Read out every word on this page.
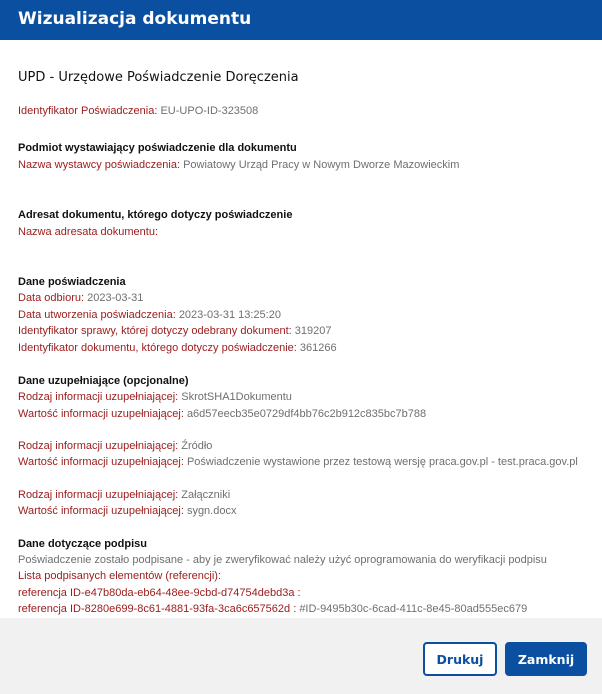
Wizualizacja dokumentu
UPD - Urzędowe Poświadczenie Doręczenia
Identyfikator Poświadczenia: EU-UPO-ID-323508
Podmiot wystawiający poświadczenie dla dokumentu
Nazwa wystawcy poświadczenia: Powiatowy Urząd Pracy w Nowym Dworze Mazowieckim
Adresat dokumentu, którego dotyczy poświadczenie
Nazwa adresata dokumentu:
Dane poświadczenia
Data odbioru: 2023-03-31
Data utworzenia poświadczenia: 2023-03-31 13:25:20
Identyfikator sprawy, której dotyczy odebrany dokument: 319207
Identyfikator dokumentu, którego dotyczy poświadczenie: 361266
Dane uzupełniające (opcjonalne)
Rodzaj informacji uzupełniającej: SkrotSHA1Dokumentu
Wartość informacji uzupełniającej: a6d57eecb35e0729df4bb76c2b912c835bc7b788
Rodzaj informacji uzupełniającej: Źródło
Wartość informacji uzupełniającej: Poświadczenie wystawione przez testową wersję praca.gov.pl - test.praca.gov.pl
Rodzaj informacji uzupełniającej: Załączniki
Wartość informacji uzupełniającej: sygn.docx
Dane dotyczące podpisu
Poświadczenie zostało podpisane - aby je zweryfikować należy użyć oprogramowania do weryfikacji podpisu
Lista podpisanych elementów (referencji):
referencja ID-e47b80da-eb64-48ee-9cbd-d74754debd3a :
referencja ID-8280e699-8c61-4881-93fa-3ca6c657562d : #ID-9495b30c-6cad-411c-8e45-80ad555ec679
Drukuj	Zamknij
